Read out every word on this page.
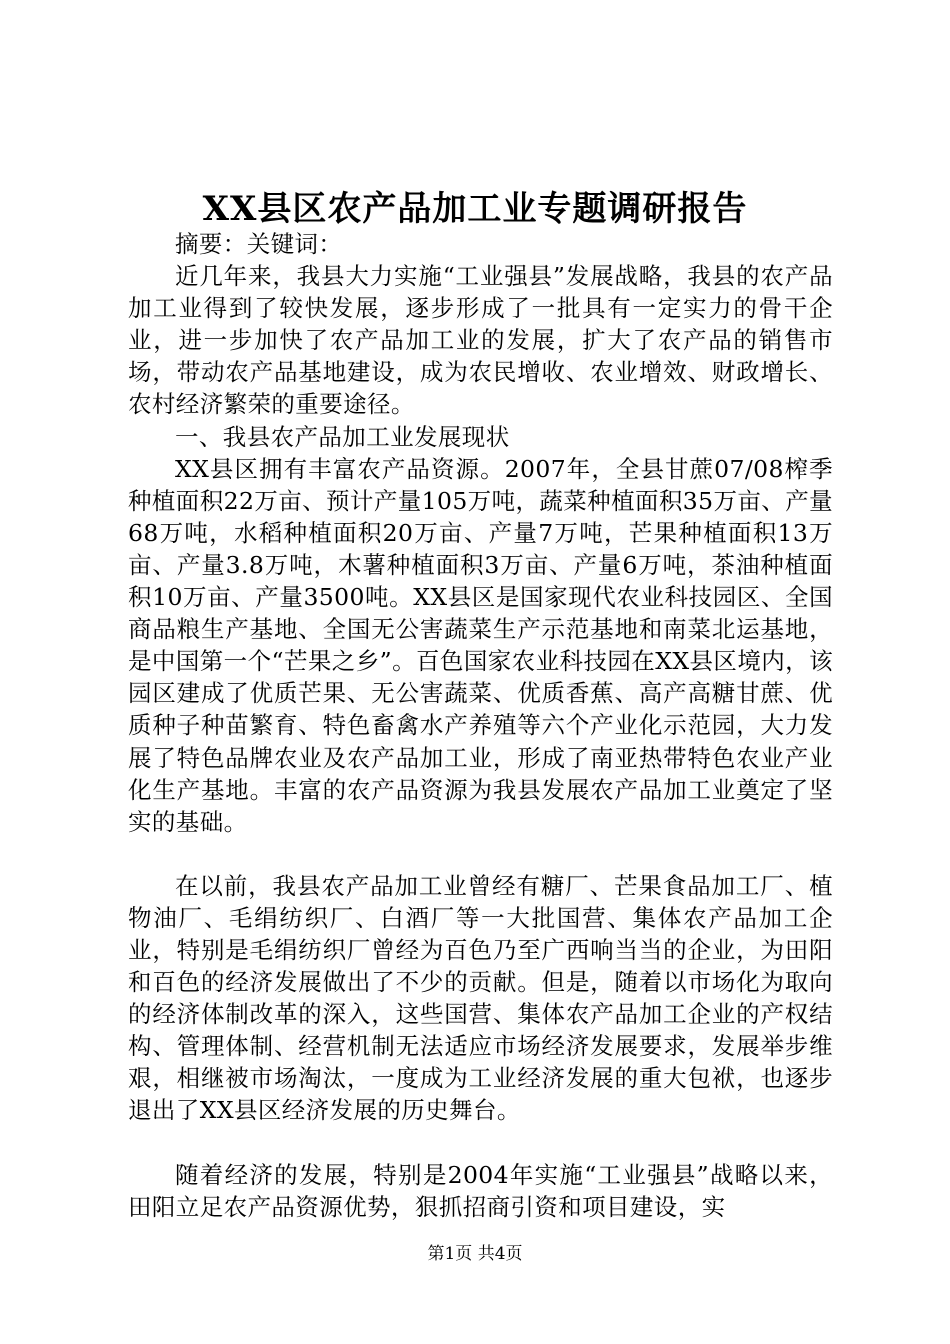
XX县区农产品加工业专题调研报告

摘要：关键词：

近几年来，我县大力实施“工业强县”发展战略，我县的农产品加工业得到了较快发展，逐步形成了一批具有一定实力的骨干企业，进一步加快了农产品加工业的发展，扩大了农产品的销售市场，带动农产品基地建设，成为农民增收、农业增效、财政增长、农村经济繁荣的重要途径。

一、我县农产品加工业发展现状

XX县区拥有丰富农产品资源。2007年，全县甘蔗07/08榨季种植面积22万亩、预计产量105万吨，蔬菜种植面积35万亩、产量68万吨，水稻种植面积20万亩、产量7万吨，芒果种植面积13万亩、产量3.8万吨，木薯种植面积3万亩、产量6万吨，茶油种植面积10万亩、产量3500吨。XX县区是国家现代农业科技园区、全国商品粮生产基地、全国无公害蔬菜生产示范基地和南菜北运基地，是中国第一个“芒果之乡”。百色国家农业科技园在XX县区境内，该园区建成了优质芒果、无公害蔬菜、优质香蕉、高产高糖甘蔗、优质种子种苗繁育、特色畜禽水产养殖等六个产业化示范园，大力发展了特色品牌农业及农产品加工业，形成了南亚热带特色农业产业化生产基地。丰富的农产品资源为我县发展农产品加工业奠定了坚实的基础。

在以前，我县农产品加工业曾经有糖厂、芒果食品加工厂、植物油厂、毛绢纺织厂、白酒厂等一大批国营、集体农产品加工企业，特别是毛绢纺织厂曾经为百色乃至广西响当当的企业，为田阳和百色的经济发展做出了不少的贡献。但是，随着以市场化为取向的经济体制改革的深入，这些国营、集体农产品加工企业的产权结构、管理体制、经营机制无法适应市场经济发展要求，发展举步维艰，相继被市场淘汰，一度成为工业经济发展的重大包袱，也逐步退出了XX县区经济发展的历史舞台。

随着经济的发展，特别是2004年实施“工业强县”战略以来，田阳立足农产品资源优势，狠抓招商引资和项目建设，实

第1页 共4页
